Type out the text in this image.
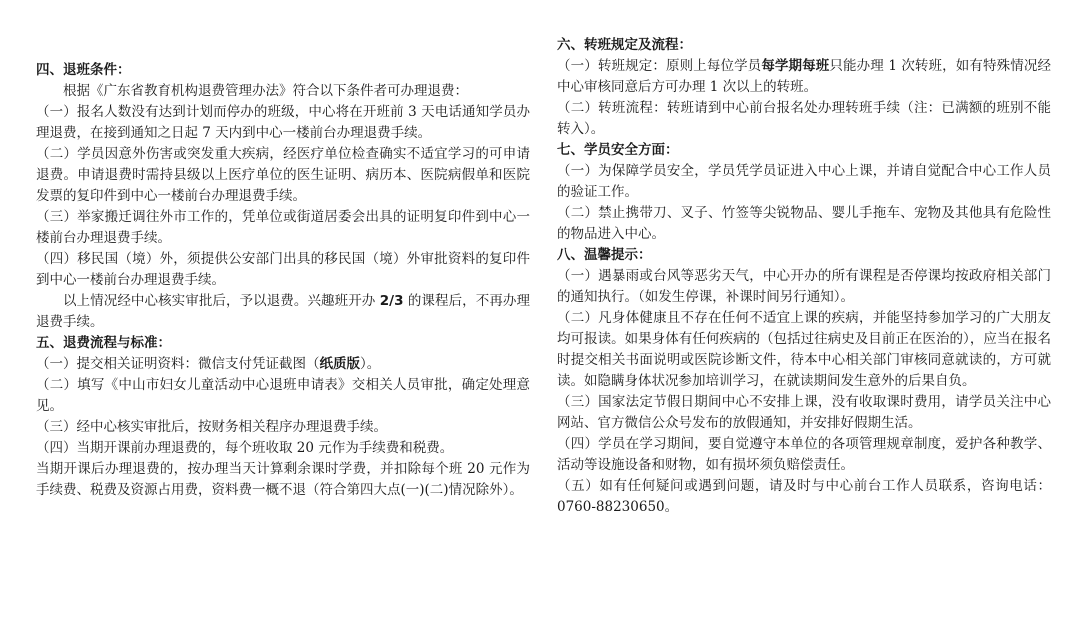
四、退班条件：

根据《广东省教育机构退费管理办法》符合以下条件者可办理退费：

（一）报名人数没有达到计划而停办的班级，中心将在开班前 3 天电话通知学员办理退费，在接到通知之日起 7 天内到中心一楼前台办理退费手续。

（二）学员因意外伤害或突发重大疾病，经医疗单位检查确实不适宜学习的可申请退费。申请退费时需持县级以上医疗单位的医生证明、病历本、医院病假单和医院发票的复印件到中心一楼前台办理退费手续。

（三）举家搬迁调往外市工作的，凭单位或街道居委会出具的证明复印件到中心一楼前台办理退费手续。

（四）移民国（境）外，须提供公安部门出具的移民国（境）外审批资料的复印件到中心一楼前台办理退费手续。

以上情况经中心核实审批后，予以退费。兴趣班开办 2/3 的课程后，不再办理退费手续。

五、退费流程与标准：

（一）提交相关证明资料：微信支付凭证截图（纸质版）。

（二）填写《中山市妇女儿童活动中心退班申请表》交相关人员审批，确定处理意见。

（三）经中心核实审批后，按财务相关程序办理退费手续。

（四）当期开课前办理退费的，每个班收取 20 元作为手续费和税费。

当期开课后办理退费的，按办理当天计算剩余课时学费，并扣除每个班 20 元作为手续费、税费及资源占用费，资料费一概不退（符合第四大点(一)(二)情况除外）。

六、转班规定及流程：

（一）转班规定：原则上每位学员每学期每班只能办理 1 次转班，如有特殊情况经中心审核同意后方可办理 1 次以上的转班。

（二）转班流程：转班请到中心前台报名处办理转班手续（注：已满额的班别不能转入）。

七、学员安全方面：

（一）为保障学员安全，学员凭学员证进入中心上课，并请自觉配合中心工作人员的验证工作。

（二）禁止携带刀、叉子、竹签等尖锐物品、婴儿手拖车、宠物及其他具有危险性的物品进入中心。

八、温馨提示：

（一）遇暴雨或台风等恶劣天气，中心开办的所有课程是否停课均按政府相关部门的通知执行。（如发生停课，补课时间另行通知）。

（二）凡身体健康且不存在任何不适宜上课的疾病，并能坚持参加学习的广大朋友均可报读。如果身体有任何疾病的（包括过往病史及目前正在医治的），应当在报名时提交相关书面说明或医院诊断文件，待本中心相关部门审核同意就读的，方可就读。如隐瞒身体状况参加培训学习，在就读期间发生意外的后果自负。

（三）国家法定节假日期间中心不安排上课，没有收取课时费用，请学员关注中心网站、官方微信公众号发布的放假通知，并安排好假期生活。

（四）学员在学习期间，要自觉遵守本单位的各项管理规章制度，爱护各种教学、活动等设施设备和财物，如有损坏须负赔偿责任。

（五）如有任何疑问或遇到问题，请及时与中心前台工作人员联系，咨询电话：0760-88230650。
